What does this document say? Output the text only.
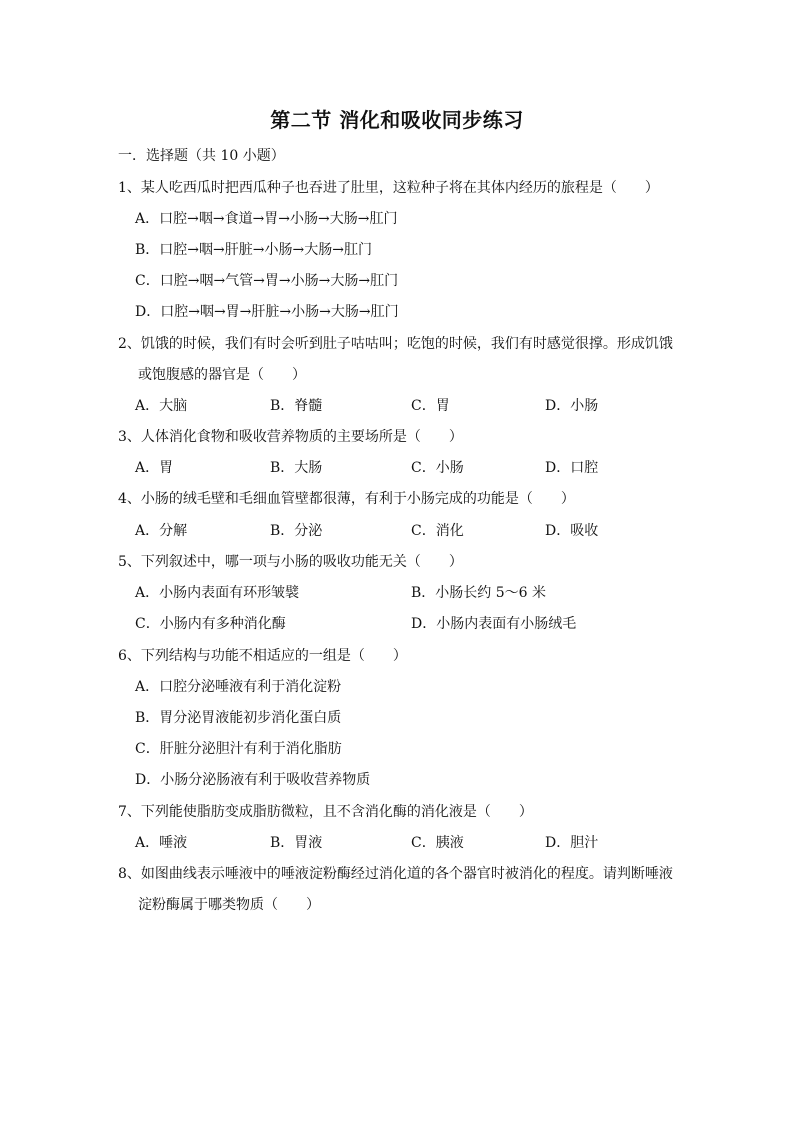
第二节 消化和吸收同步练习
一．选择题（共 10 小题）
1、某人吃西瓜时把西瓜种子也吞进了肚里，这粒种子将在其体内经历的旅程是（　　）
A．口腔→咽→食道→胃→小肠→大肠→肛门
B．口腔→咽→肝脏→小肠→大肠→肛门
C．口腔→咽→气管→胃→小肠→大肠→肛门
D．口腔→咽→胃→肝脏→小肠→大肠→肛门
2、饥饿的时候，我们有时会听到肚子咕咕叫；吃饱的时候，我们有时感觉很撑。形成饥饿
或饱腹感的器官是（　　）
A．大脑	B．脊髓	C．胃	D．小肠
3、人体消化食物和吸收营养物质的主要场所是（　　）
A．胃	B．大肠	C．小肠	D．口腔
4、小肠的绒毛壁和毛细血管壁都很薄，有利于小肠完成的功能是（　　）
A．分解	B．分泌	C．消化	D．吸收
5、下列叙述中，哪一项与小肠的吸收功能无关（　　）
A．小肠内表面有环形皱襞	B．小肠长约 5～6 米
C．小肠内有多种消化酶	D．小肠内表面有小肠绒毛
6、下列结构与功能不相适应的一组是（　　）
A．口腔分泌唾液有利于消化淀粉
B．胃分泌胃液能初步消化蛋白质
C．肝脏分泌胆汁有利于消化脂肪
D．小肠分泌肠液有利于吸收营养物质
7、下列能使脂肪变成脂肪微粒，且不含消化酶的消化液是（　　）
A．唾液	B．胃液	C．胰液	D．胆汁
8、如图曲线表示唾液中的唾液淀粉酶经过消化道的各个器官时被消化的程度。请判断唾液
淀粉酶属于哪类物质（　　）
